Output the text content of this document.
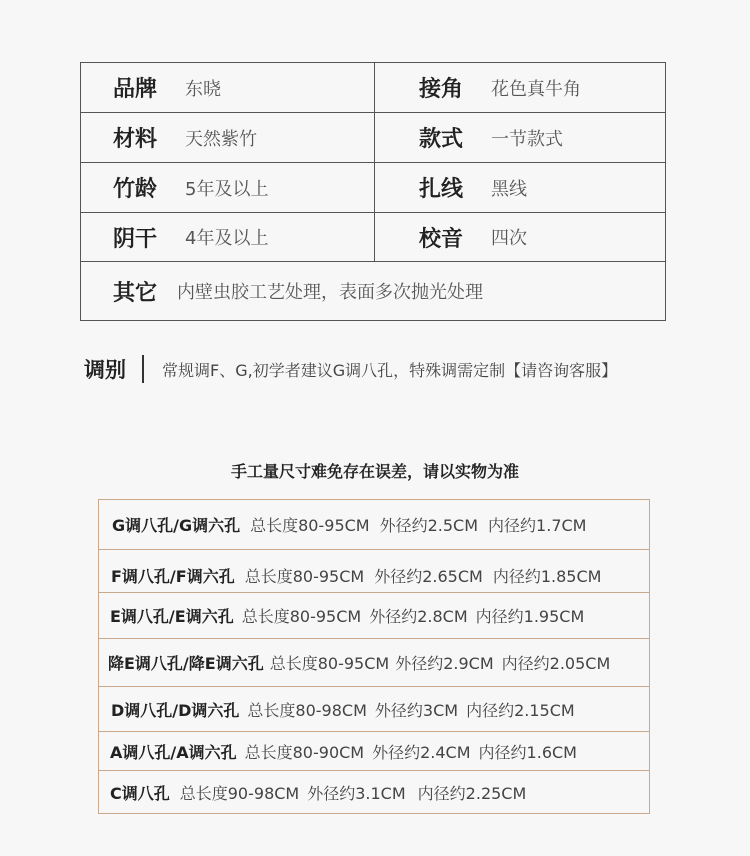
品牌 东晓	接角 花色真牛角
材料 天然紫竹	款式 一节款式
竹龄 5年及以上	扎线 黑线
阴干 4年及以上	校音 四次
其它 内壁虫胶工艺处理，表面多次抛光处理
调别 常规调F、G,初学者建议G调八孔，特殊调需定制【请咨询客服】
手工量尺寸难免存在误差，请以实物为准
G调八孔/G调六孔 总长度80-95CM 外径约2.5CM 内径约1.7CM
F调八孔/F调六孔 总长度80-95CM 外径约2.65CM 内径约1.85CM
E调八孔/E调六孔 总长度80-95CM 外径约2.8CM 内径约1.95CM
降E调八孔/降E调六孔 总长度80-95CM 外径约2.9CM 内径约2.05CM
D调八孔/D调六孔 总长度80-98CM 外径约3CM 内径约2.15CM
A调八孔/A调六孔 总长度80-90CM 外径约2.4CM 内径约1.6CM
C调八孔 总长度90-98CM 外径约3.1CM 内径约2.25CM
